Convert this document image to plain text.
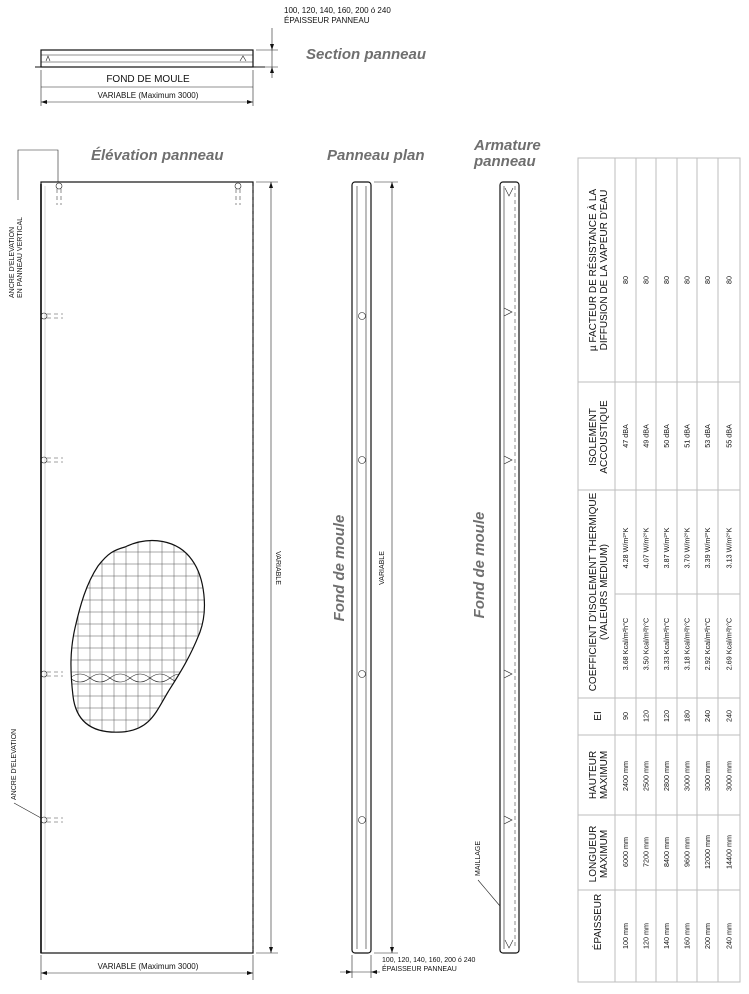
100, 120, 140, 160, 200 ó 240
ÉPAISSEUR PANNEAU
Section panneau
FOND DE MOULE
VARIABLE (Maximum 3000)
Élévation panneau
ANCRE D'ELEVATION EN PANNEAU VERTICAL
ANCRE D'ELEVATION
VARIABLE
VARIABLE (Maximum 3000)
Panneau plan
Fond de moule	VARIABLE
100, 120, 140, 160, 200 ó 240
ÉPAISSEUR PANNEAU
Armature
panneau
Fond de moule
MAILLAGE
ÉPAISSEUR
LONGUEUR MAXIMUM
HAUTEUR MAXIMUM
EI
COEFFICIENT D'ISOLEMENT THERMIQUE (VALEURS MEDIUM)
ISOLEMENT ACCOUSTIQUE
µ FACTEUR DE RÉSISTANCE À LA DIFFUSION DE LA VAPEUR D'EAU
100 mm
6000 mm
2400 mm
90
3.68 Kcal/m²h°C
4.28 W/m²°K
47 dBA
80
120 mm
7200 mm
2500 mm
120
3.50 Kcal/m²h°C
4.07 W/m²°K
49 dBA
80
140 mm
8400 mm
2800 mm
120
3.33 Kcal/m²h°C
3.87 W/m²°K
50 dBA
80
160 mm
9600 mm
3000 mm
180
3.18 Kcal/m²h°C
3.70 W/m²°K
51 dBA
80
200 mm
12000 mm
3000 mm
240
2.92 Kcal/m²h°C
3.39 W/m²°K
53 dBA
80
240 mm
14400 mm
3000 mm
240
2.69 Kcal/m²h°C
3.13 W/m²°K
55 dBA
80
